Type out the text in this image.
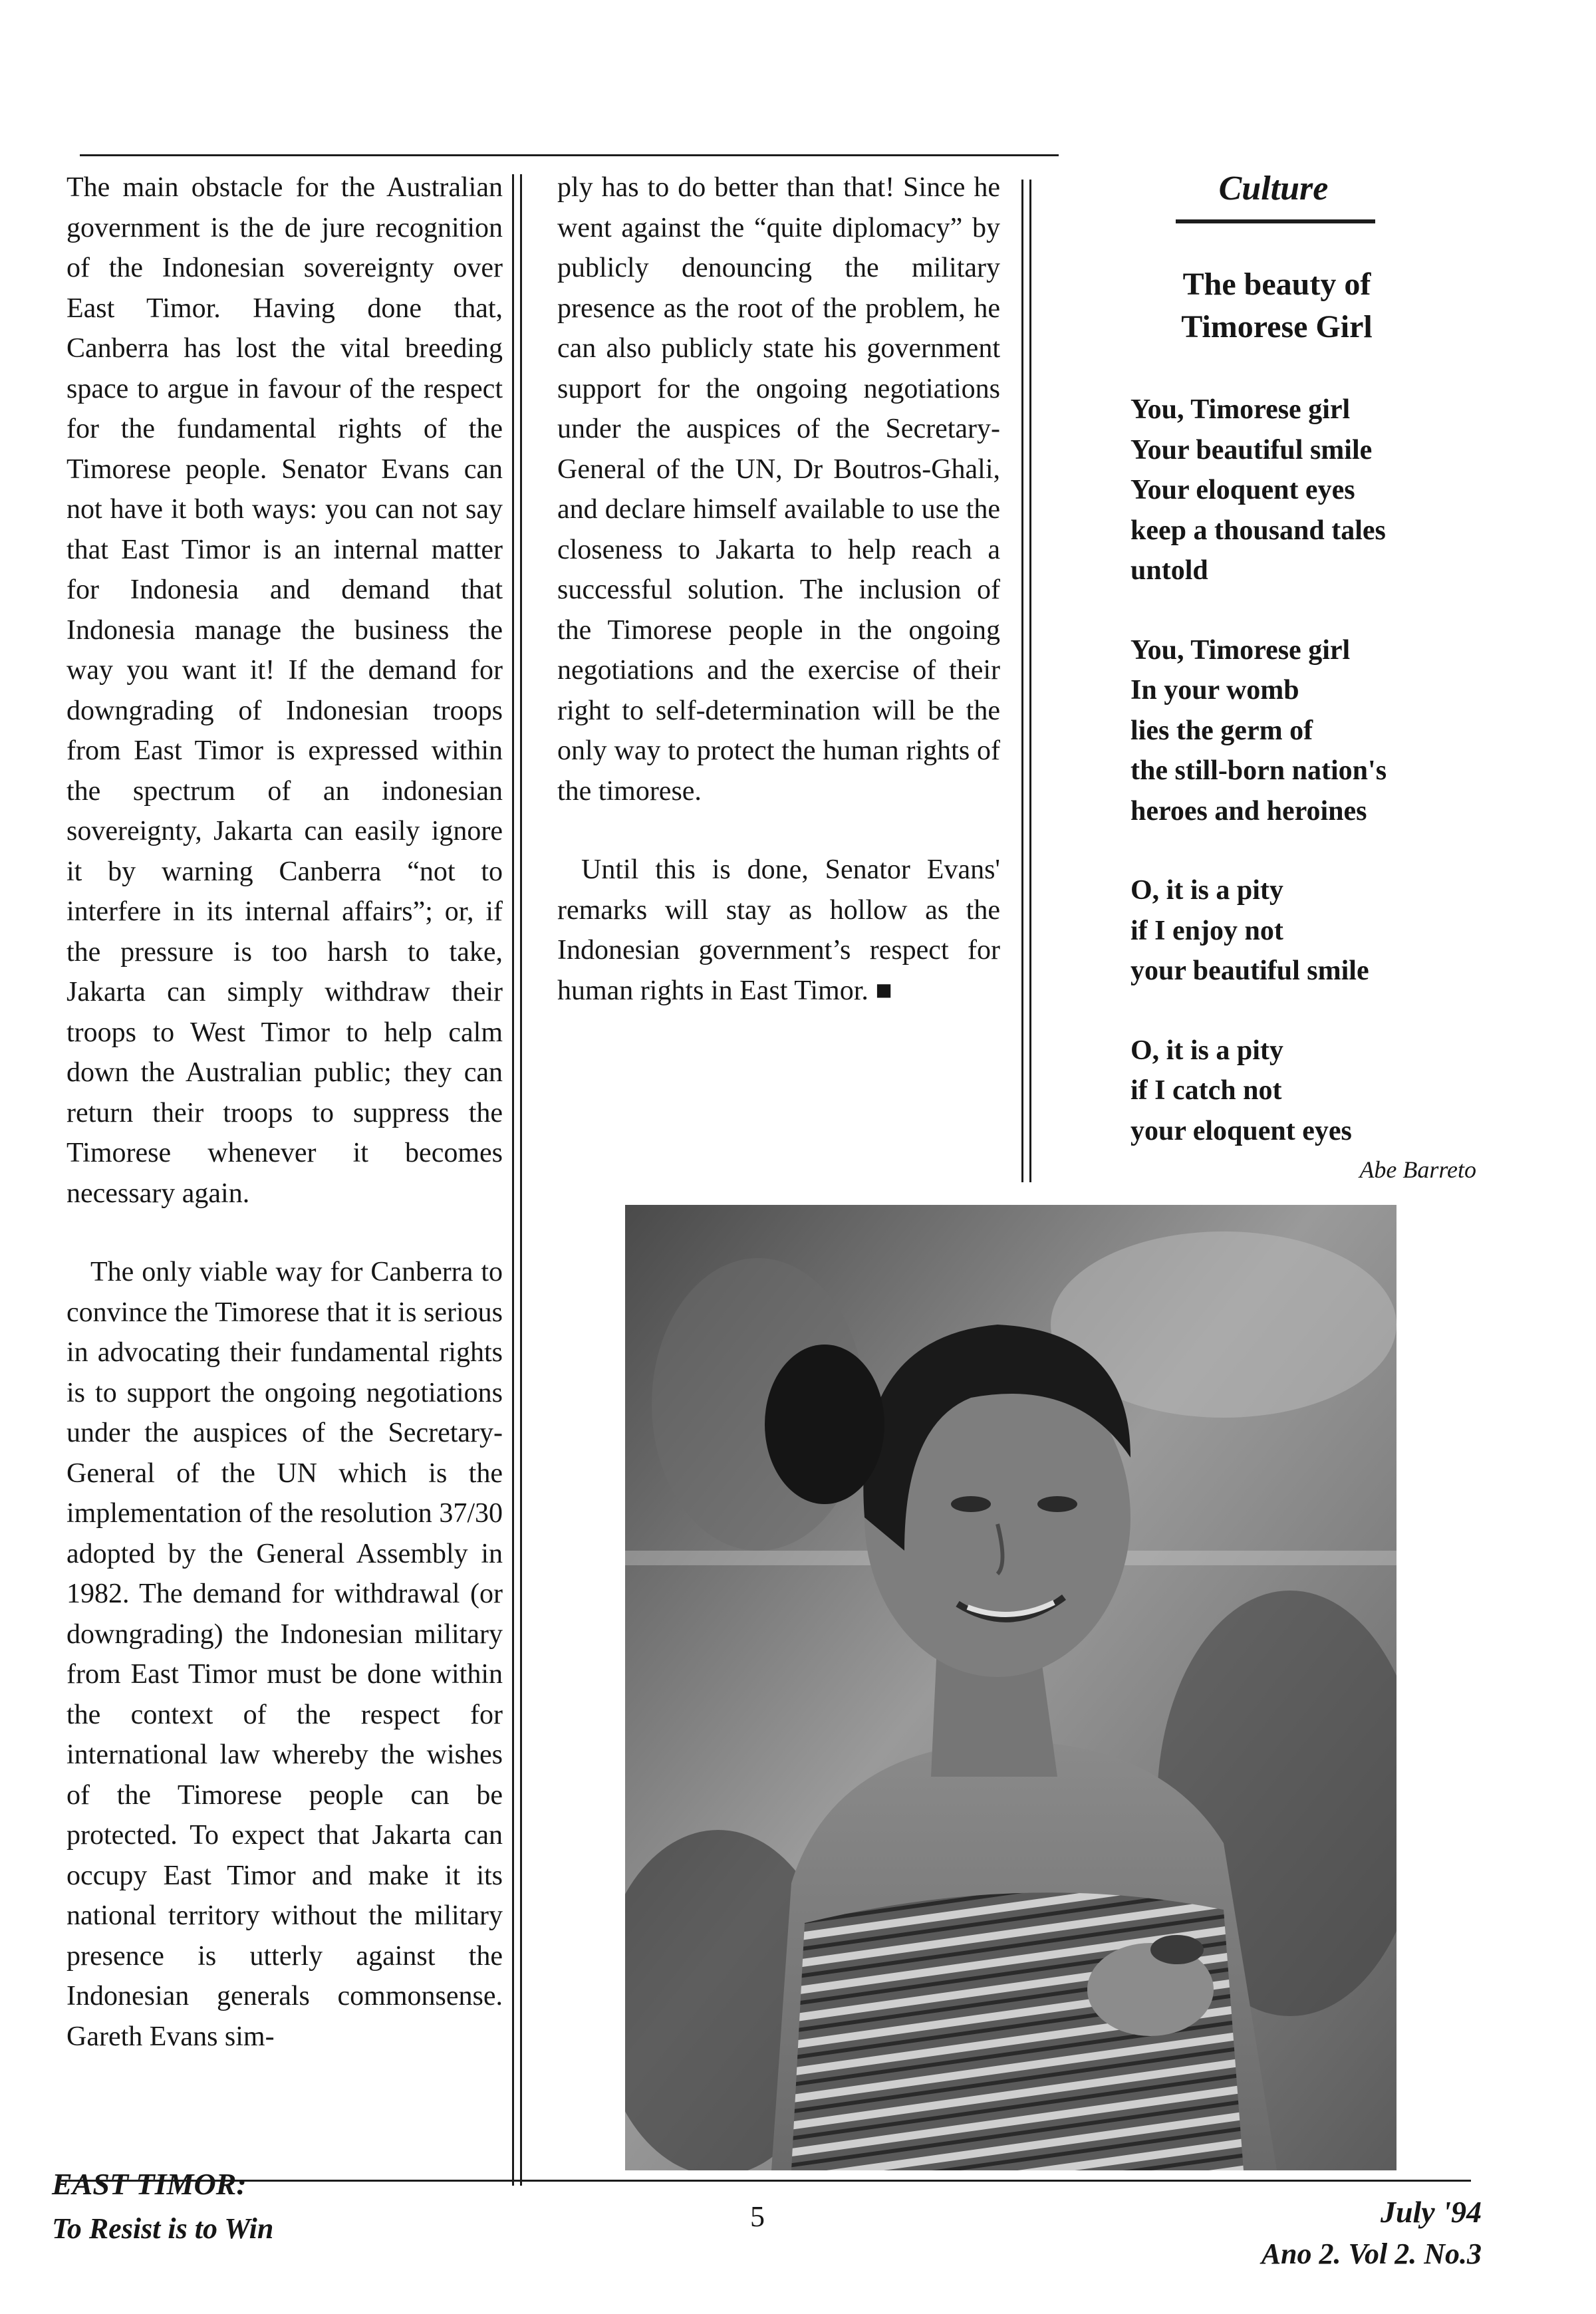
The main obstacle for the Australian government is the de jure recognition of the Indonesian sovereignty over East Timor. Having done that, Canberra has lost the vital breeding space to argue in favour of the respect for the fundamental rights of the Timorese people. Senator Evans can not have it both ways: you can not say that East Timor is an internal matter for Indonesia and demand that Indonesia manage the business the way you want it! If the demand for downgrading of Indonesian troops from East Timor is expressed within the spectrum of an indonesian sovereignty, Jakarta can easily ignore it by warning Canberra “not to interfere in its internal affairs”; or, if the pressure is too harsh to take, Jakarta can simply withdraw their troops to West Timor to help calm down the Australian public; they can return their troops to suppress the Timorese whenever it becomes necessary again.

The only viable way for Canberra to convince the Timorese that it is serious in advocating their fundamental rights is to support the ongoing negotiations under the auspices of the Secretary-General of the UN which is the implementation of the resolution 37/30 adopted by the General Assembly in 1982. The demand for withdrawal (or downgrading) the Indonesian military from East Timor must be done within the context of the respect for international law whereby the wishes of the Timorese people can be protected. To expect that Jakarta can occupy East Timor and make it its national territory without the military presence is utterly against the Indonesian generals commonsense. Gareth Evans sim-

ply has to do better than that! Since he went against the “quite diplomacy” by publicly denouncing the military presence as the root of the problem, he can also publicly state his government support for the ongoing negotiations under the auspices of the Secretary-General of the UN, Dr Boutros-Ghali, and declare himself available to use the closeness to Jakarta to help reach a successful solution. The inclusion of the Timorese people in the ongoing negotiations and the exercise of their right to self-determination will be the only way to protect the human rights of the timorese.

Until this is done, Senator Evans' remarks will stay as hollow as the Indonesian government’s respect for human rights in East Timor. ■

Culture
The beauty of
Timorese Girl
You, Timorese girl
Your beautiful smile
Your eloquent eyes
keep a thousand tales
untold
You, Timorese girl
In your womb
lies the germ of
the still-born nation's
heroes and heroines
O, it is a pity
if I enjoy not
your beautiful smile
O, it is a pity
if I catch not
your eloquent eyes
Abe Barreto
EAST TIMOR:
To Resist is to Win	5	July '94
Ano 2. Vol 2. No.3
